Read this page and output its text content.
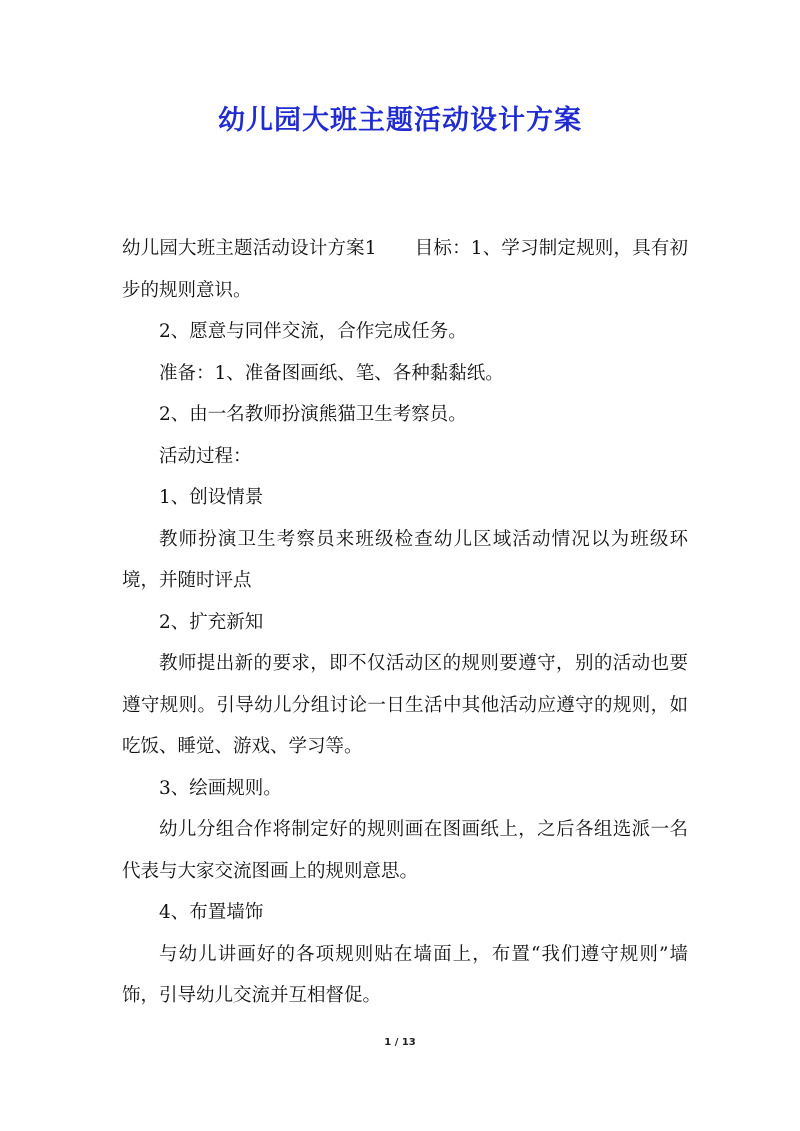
幼儿园大班主题活动设计方案

幼儿园大班主题活动设计方案1 目标：1、学习制定规则，具有初步的规则意识。

2、愿意与同伴交流，合作完成任务。

准备：1、准备图画纸、笔、各种黏黏纸。

2、由一名教师扮演熊猫卫生考察员。

活动过程：

1、创设情景

教师扮演卫生考察员来班级检查幼儿区域活动情况以为班级环境，并随时评点

2、扩充新知

教师提出新的要求，即不仅活动区的规则要遵守，别的活动也要遵守规则。引导幼儿分组讨论一日生活中其他活动应遵守的规则，如吃饭、睡觉、游戏、学习等。

3、绘画规则。

幼儿分组合作将制定好的规则画在图画纸上，之后各组选派一名代表与大家交流图画上的规则意思。

4、布置墙饰

与幼儿讲画好的各项规则贴在墙面上，布置“我们遵守规则”墙饰，引导幼儿交流并互相督促。

1 / 13
